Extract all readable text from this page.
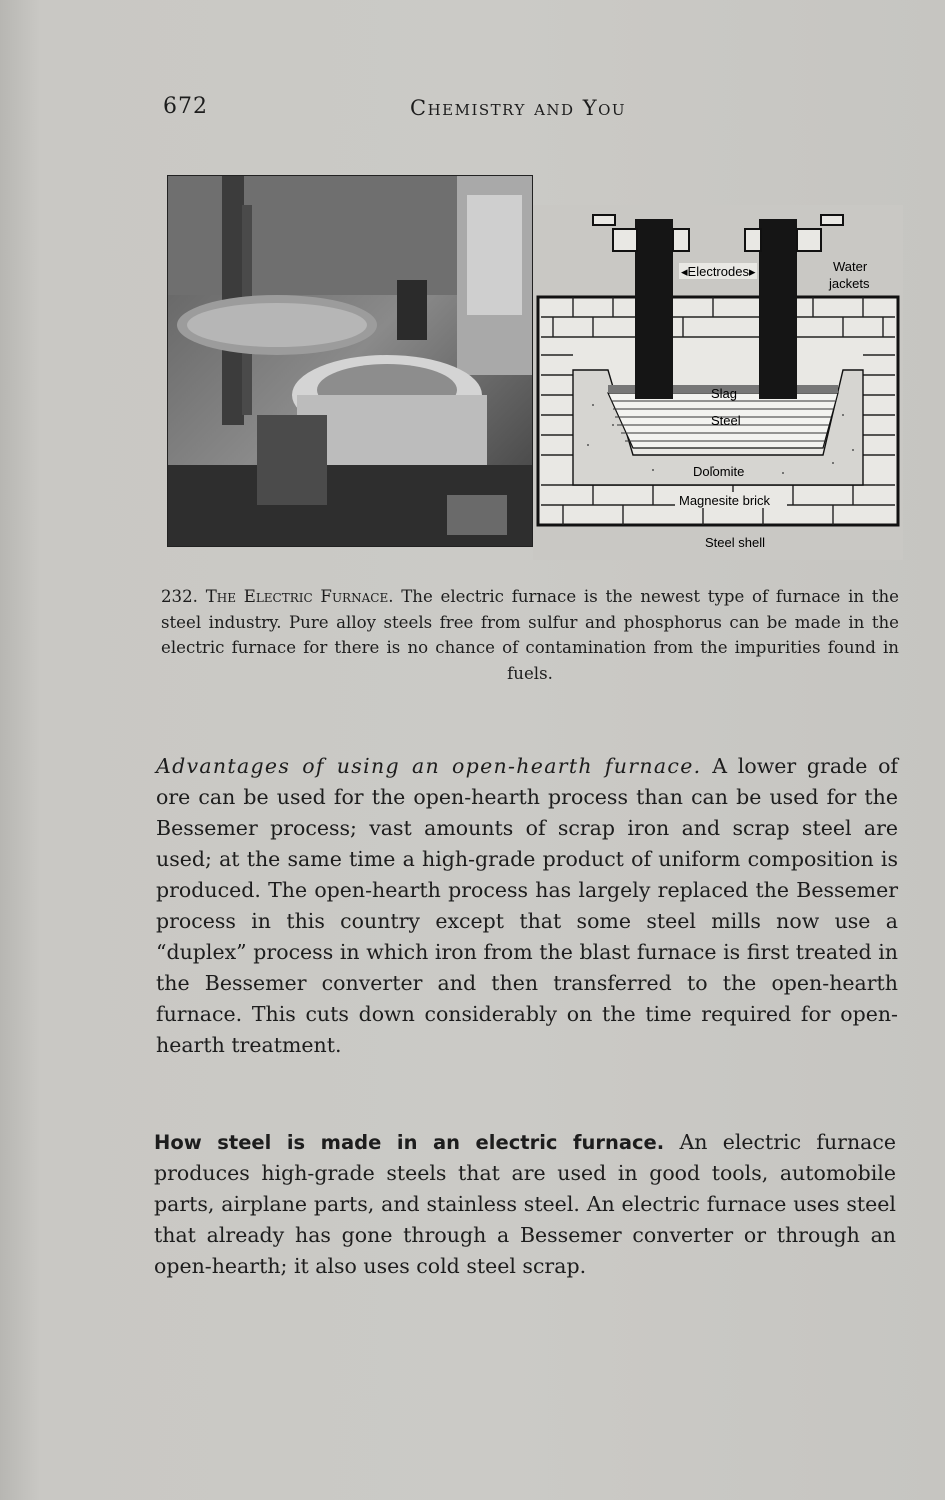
672	Chemistry and You
◂Electrodes▸	Water
jackets
Slag
Steel
Dolomite
Magnesite brick
Steel shell
232. The Electric Furnace. The electric furnace is the newest type of furnace in the steel industry. Pure alloy steels free from sulfur and phosphorus can be made in the electric furnace for there is no chance of contamination from the impurities found in fuels.
Advantages of using an open-hearth furnace. A lower grade of ore can be used for the open-hearth process than can be used for the Bessemer process; vast amounts of scrap iron and scrap steel are used; at the same time a high-grade product of uniform composition is produced. The open-hearth process has largely replaced the Bessemer process in this country except that some steel mills now use a “duplex” process in which iron from the blast furnace is first treated in the Bessemer converter and then transferred to the open-hearth furnace. This cuts down considerably on the time required for open-hearth treatment.
How steel is made in an electric furnace. An electric furnace produces high-grade steels that are used in good tools, automobile parts, airplane parts, and stainless steel. An electric furnace uses steel that already has gone through a Bessemer converter or through an open-hearth; it also uses cold steel scrap.
